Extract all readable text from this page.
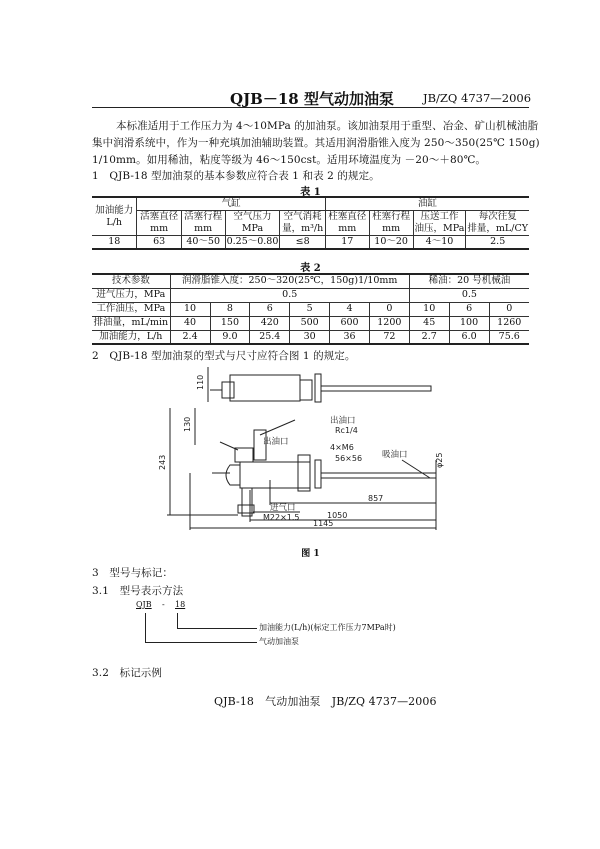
QJB－18 型气动加油泵	JB/ZQ 4737—2006
本标准适用于工作压力为 4～10MPa 的加油泵。该加油泵用于重型、冶金、矿山机械油脂
集中润滑系统中，作为一种充填加油辅助装置。其适用润滑脂锥入度为 250～350(25℃ 150g)
1/10mm。如用稀油，粘度等级为 46～150cst。适用环境温度为 －20～＋80℃。
1　QJB-18 型加油泵的基本参数应符合表 1 和表 2 的规定。
表 1
加油能力
L/h	气缸				油缸			
	活塞直径	活塞行程	空气压力	空气消耗	柱塞直径	柱塞行程	压送工作	每次往复
	mm	mm	MPa	量，m³/h	mm	mm	油压，MPa	排量，mL/CY
18	63	40～50	0.25～0.80	≤8	17	10～20	4～10	2.5
表 2
技术参数	润滑脂锥入度：250～320(25℃，150g)1/10mm						稀油：20 号机械油		
进气压力，MPa	0.5						0.5		
工作油压，MPa	10	8	6	5	4	0	10	6	0
排油量，mL/min	40	150	420	500	600	1200	45	100	1260
加油能力，L/h	2.4	9.0	25.4	30	36	72	2.7	6.0	75.6
2　QJB-18 型加油泵的型式与尺寸应符合图 1 的规定。
110
243
130	出油口
Rc1/4
出油口
4×M6
56×56 吸油口	φ25
进气口
M22×1.5
857
1050
1145
图 1
3　型号与标记：
3.1　型号表示方法
QJB - 18
加油能力(L/h)(标定工作压力7MPa时)
气动加油泵
3.2　标记示例
QJB-18　气动加油泵　JB/ZQ 4737—2006
